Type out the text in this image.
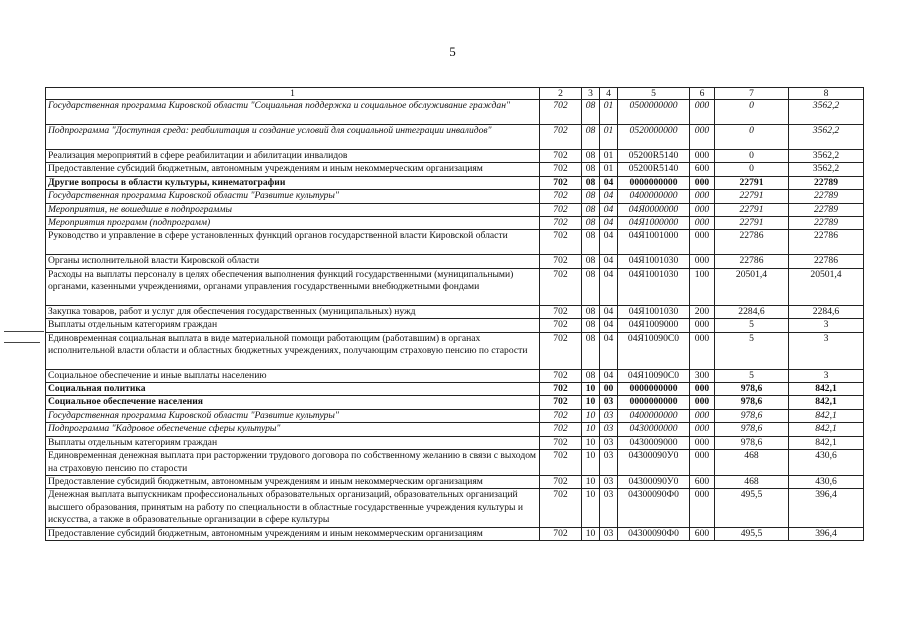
5
1	2	3	4	5	6	7	8
Государственная программа Кировской области "Социальная поддержка и социальное обслуживание граждан"	702	08	01	0500000000	000	0	3562,2
Подпрограмма "Доступная среда: реабилитация и создание условий для социальной интеграции инвалидов"	702	08	01	0520000000	000	0	3562,2
Реализация мероприятий в сфере реабилитации и абилитации инвалидов	702	08	01	05200R5140	000	0	3562,2
Предоставление субсидий бюджетным, автономным учреждениям и иным некоммерческим организациям	702	08	01	05200R5140	600	0	3562,2
Другие вопросы в области культуры, кинематографии	702	08	04	0000000000	000	22791	22789
Государственная программа Кировской области "Развитие культуры"	702	08	04	0400000000	000	22791	22789
Мероприятия, не вошедшие в подпрограммы	702	08	04	04Я0000000	000	22791	22789
Мероприятия программ (подпрограмм)	702	08	04	04Я1000000	000	22791	22789
Руководство и управление в сфере установленных функций органов государственной власти Кировской области	702	08	04	04Я1001000	000	22786	22786
Органы исполнительной власти Кировской области	702	08	04	04Я1001030	000	22786	22786
Расходы на выплаты персоналу в целях обеспечения выполнения функций государственными (муниципальными) органами, казенными учреждениями, органами управления государственными внебюджетными фондами	702	08	04	04Я1001030	100	20501,4	20501,4
Закупка товаров, работ и услуг для обеспечения государственных (муниципальных) нужд	702	08	04	04Я1001030	200	2284,6	2284,6
Выплаты отдельным категориям граждан	702	08	04	04Я1009000	000	5	3
Единовременная социальная выплата в виде материальной помощи работающим (работавшим) в органах исполнительной власти области и областных бюджетных учреждениях, получающим страховую пенсию по старости	702	08	04	04Я10090С0	000	5	3
Социальное обеспечение и иные выплаты населению	702	08	04	04Я10090С0	300	5	3
Социальная политика	702	10	00	0000000000	000	978,6	842,1
Социальное обеспечение населения	702	10	03	0000000000	000	978,6	842,1
Государственная программа Кировской области "Развитие культуры"	702	10	03	0400000000	000	978,6	842,1
Подпрограмма "Кадровое обеспечение сферы культуры"	702	10	03	0430000000	000	978,6	842,1
Выплаты отдельным категориям граждан	702	10	03	0430009000	000	978,6	842,1
Единовременная денежная выплата при расторжении трудового договора по собственному желанию в связи с выходом на страховую пенсию по старости	702	10	03	04300090У0	000	468	430,6
Предоставление субсидий бюджетным, автономным учреждениям и иным некоммерческим организациям	702	10	03	04300090У0	600	468	430,6
Денежная выплата выпускникам профессиональных образовательных организаций, образовательных организаций высшего образования, принятым на работу по специальности в областные государственные учреждения культуры и искусства, а также в образовательные организации в сфере культуры	702	10	03	04300090Ф0	000	495,5	396,4
Предоставление субсидий бюджетным, автономным учреждениям и иным некоммерческим организациям	702	10	03	04300090Ф0	600	495,5	396,4
